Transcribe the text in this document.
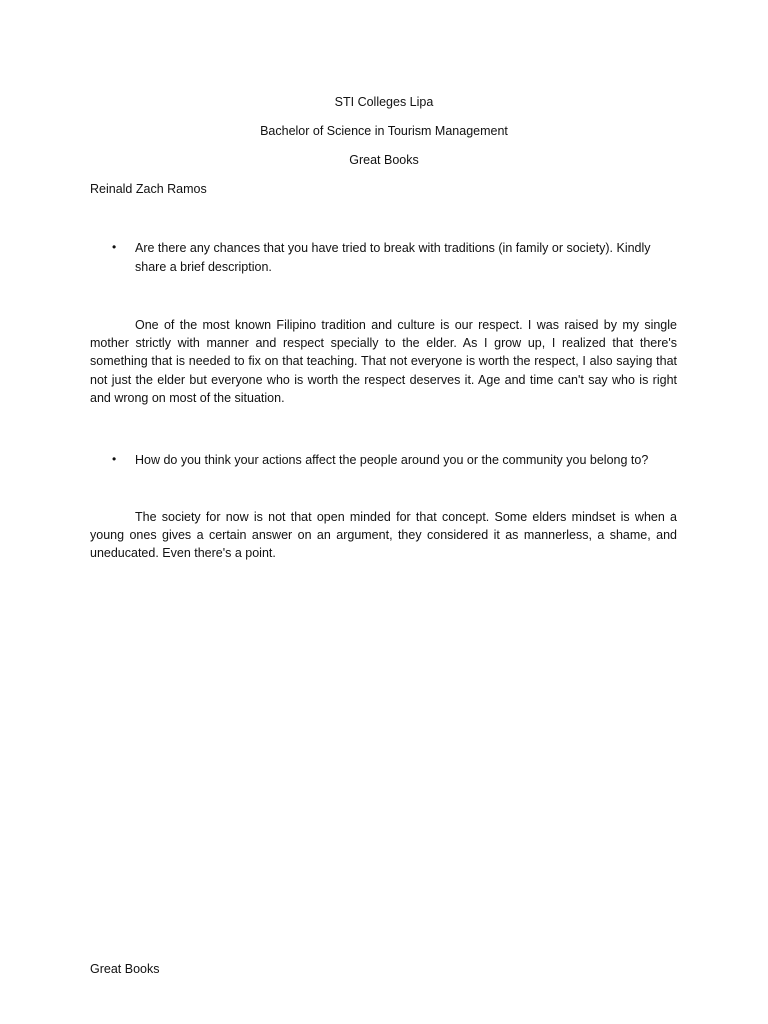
STI Colleges Lipa
Bachelor of Science in Tourism Management
Great Books
Reinald Zach Ramos
• Are there any chances that you have tried to break with traditions (in family or society). Kindly share a brief description.
One of the most known Filipino tradition and culture is our respect. I was raised by my single mother strictly with manner and respect specially to the elder. As I grow up, I realized that there's something that is needed to fix on that teaching. That not everyone is worth the respect, I also saying that not just the elder but everyone who is worth the respect deserves it. Age and time can't say who is right and wrong on most of the situation.
• How do you think your actions affect the people around you or the community you belong to?
The society for now is not that open minded for that concept. Some elders mindset is when a young ones gives a certain answer on an argument, they considered it as mannerless, a shame, and uneducated. Even there's a point.
Great Books
